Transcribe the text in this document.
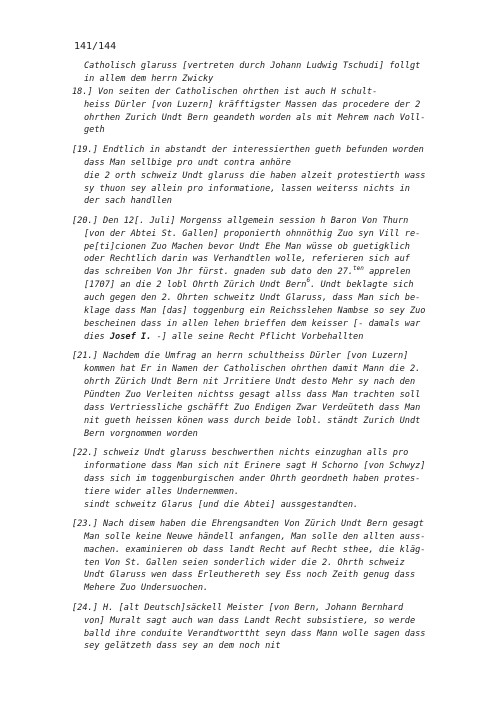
141/144
Catholisch glaruss [vertreten durch Johann Ludwig Tschudi] follgt
in allem dem herrn Zwicky
18.] Von seiten der Catholischen ohrthen ist auch H schult-
heiss Dürler [von Luzern] kräfftigster Massen das procedere der 2
ohrthen Zurich Undt Bern geandeth worden als mit Mehrem nach Voll-
geth
[19.] Endtlich in abstandt der interessierthen gueth befunden worden
dass Man sellbige pro undt contra anhöre
die 2 orth schweiz Undt glaruss die haben alzeit protestierth wass
sy thuon sey allein pro informatione, lassen weiterss nichts in
der sach handllen
[20.] Den 12[. Juli] Morgenss allgemein session h Baron Von Thurn
[von der Abtei St. Gallen] proponierth ohnnöthig Zuo syn Vill re-
pe[ti]cionen Zuo Machen bevor Undt Ehe Man wüsse ob guetigklich
oder Rechtlich darin was Verhandtlen wolle, referieren sich auf
das schreiben Von Jhr fürst. gnaden sub dato den 27.$^{ten}$ apprelen
[1707] an die 2 lobl Ohrth Zürich Undt Bern$^6$. Undt beklagte sich
auch gegen den 2. Ohrten schweitz Undt Glaruss, dass Man sich be-
klage dass Man [das] toggenburg ein Reichsslehen Nambse so sey Zuo
bescheinen dass in allen lehen brieffen dem keisser [- damals war
dies Josef I. -] alle seine Recht Pflicht Vorbehallten
[21.] Nachdem die Umfrag an herrn schultheiss Dürler [von Luzern]
kommen hat Er in Namen der Catholischen ohrthen damit Mann die 2.
ohrth Zürich Undt Bern nit Jrritiere Undt desto Mehr sy nach den
Pündten Zuo Verleiten nichtss gesagt allss dass Man trachten soll
dass Vertriessliche gschäfft Zuo Endigen Zwar Verdeüteth dass Man
nit gueth heissen könen wass durch beide lobl. ständt Zurich Undt
Bern vorgnommen worden
[22.] schweiz Undt glaruss beschwerthen nichts einzughan alls pro
informatione dass Man sich nit Erinere sagt H Schorno [von Schwyz]
dass sich im toggenburgischen ander Ohrth geordneth haben protes-
tiere wider alles Undernemmen.
sindt schweitz Glarus [und die Abtei] aussgestandten.
[23.] Nach disem haben die Ehrengsandten Von Zürich Undt Bern gesagt
Man solle keine Neuwe händell anfangen, Man solle den allten auss-
machen. examinieren ob dass landt Recht auf Recht sthee, die kläg-
ten Von St. Gallen seien sonderlich wider die 2. Ohrth schweiz
Undt Glaruss wen dass Erleuthereth sey Ess noch Zeith genug dass
Mehere Zuo Undersuochen.
[24.] H. [alt Deutsch]säckell Meister [von Bern, Johann Bernhard
von] Muralt sagt auch wan dass Landt Recht subsistiere, so werde
balld ihre conduite Verandtworttht seyn dass Mann wolle sagen dass
sey gelätzeth dass sey an dem noch nit
